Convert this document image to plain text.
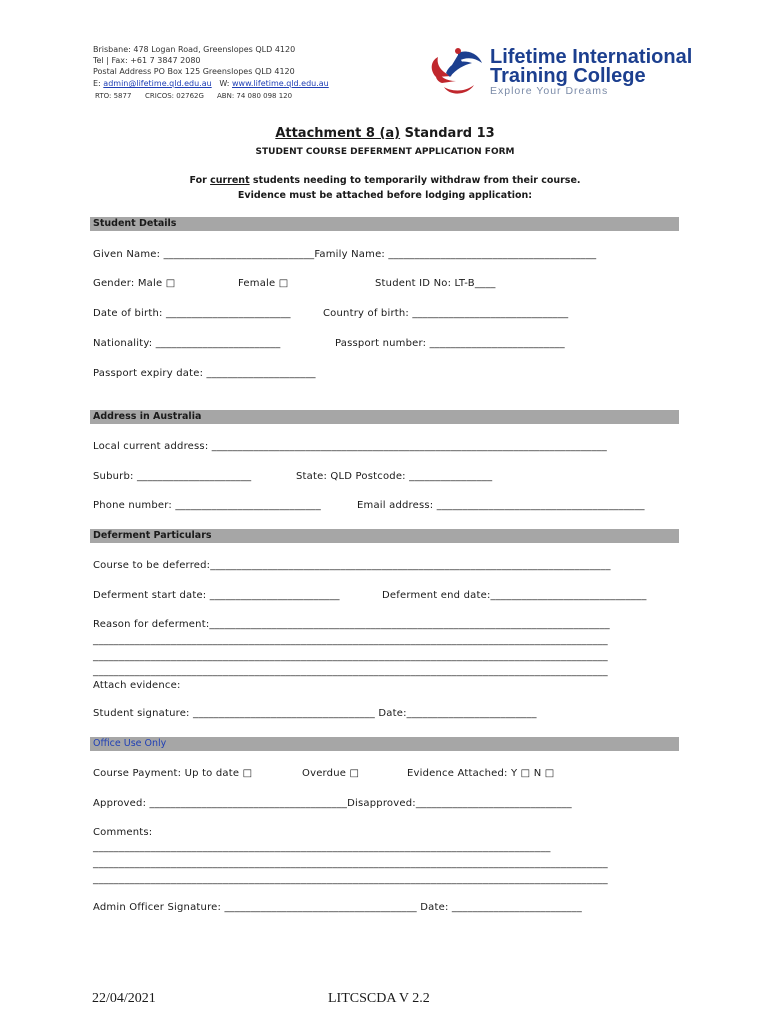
Brisbane: 478 Logan Road, Greenslopes QLD 4120
Tel | Fax: +61 7 3847 2080
Postal Address PO Box 125 Greenslopes QLD 4120
E: admin@lifetime.qld.edu.au W: www.lifetime.qld.edu.au
RTO: 5877 CRICOS: 02762G ABN: 74 080 098 120
Lifetime International
Training College
Explore Your Dreams
Attachment 8 (a) Standard 13
STUDENT COURSE DEFERMENT APPLICATION FORM
For current students needing to temporarily withdraw from their course.
Evidence must be attached before lodging application:
Student Details
Given Name: _____________________________Family Name: ________________________________________
Gender: Male □	Female □	Student ID No: LT-B____
Date of birth: ________________________	Country of birth: ______________________________
Nationality: ________________________	Passport number: __________________________
Passport expiry date: _____________________
Address in Australia
Local current address: ____________________________________________________________________________
Suburb: ______________________	State: QLD Postcode: ________________
Phone number: ____________________________	Email address: ________________________________________
Deferment Particulars
Course to be deferred:_____________________________________________________________________________
Deferment start date: _________________________	Deferment end date:______________________________
Reason for deferment:_____________________________________________________________________________
___________________________________________________________________________________________________
___________________________________________________________________________________________________
___________________________________________________________________________________________________
Attach evidence:
Student signature: ___________________________________ Date:_________________________
Office Use Only
Course Payment: Up to date □	Overdue □	Evidence Attached: Y □ N □
Approved: ______________________________________Disapproved:______________________________
Comments:
________________________________________________________________________________________
___________________________________________________________________________________________________
___________________________________________________________________________________________________
Admin Officer Signature: _____________________________________ Date: _________________________
22/04/2021	LITCSCDA V 2.2
